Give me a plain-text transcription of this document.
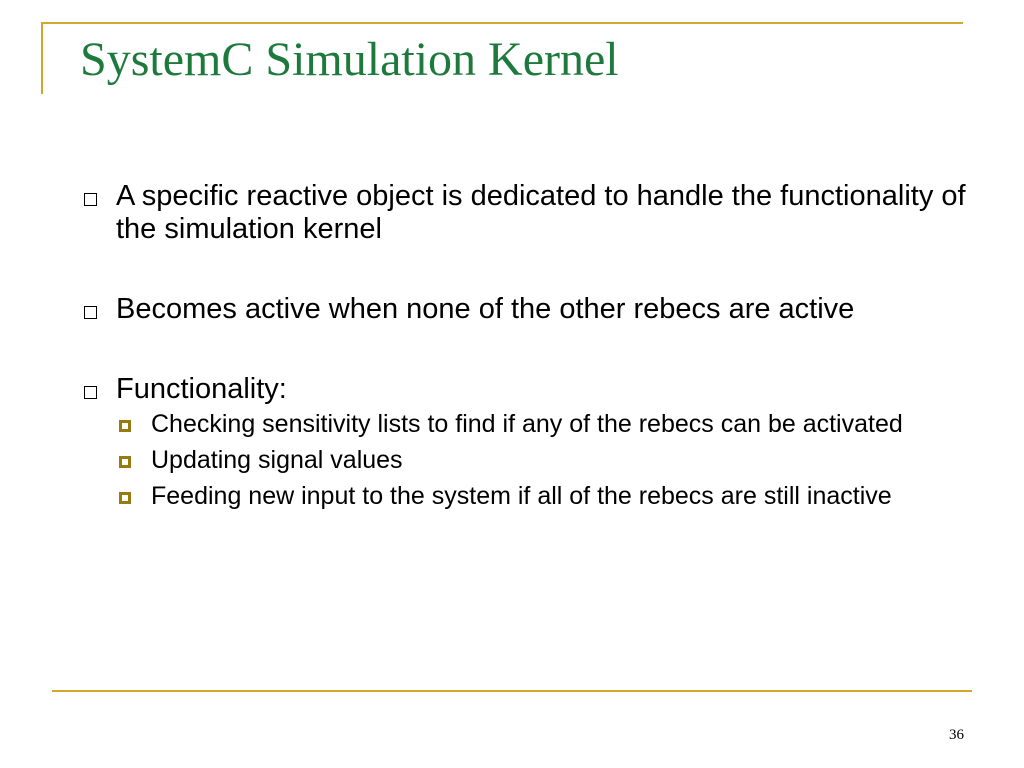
SystemC Simulation Kernel
A specific reactive object is dedicated to handle the functionality of the simulation kernel
Becomes active when none of the other rebecs are active
Functionality:
Checking sensitivity lists to find if any of the rebecs can be activated
Updating signal values
Feeding new input to the system if all of the rebecs are still inactive
36
